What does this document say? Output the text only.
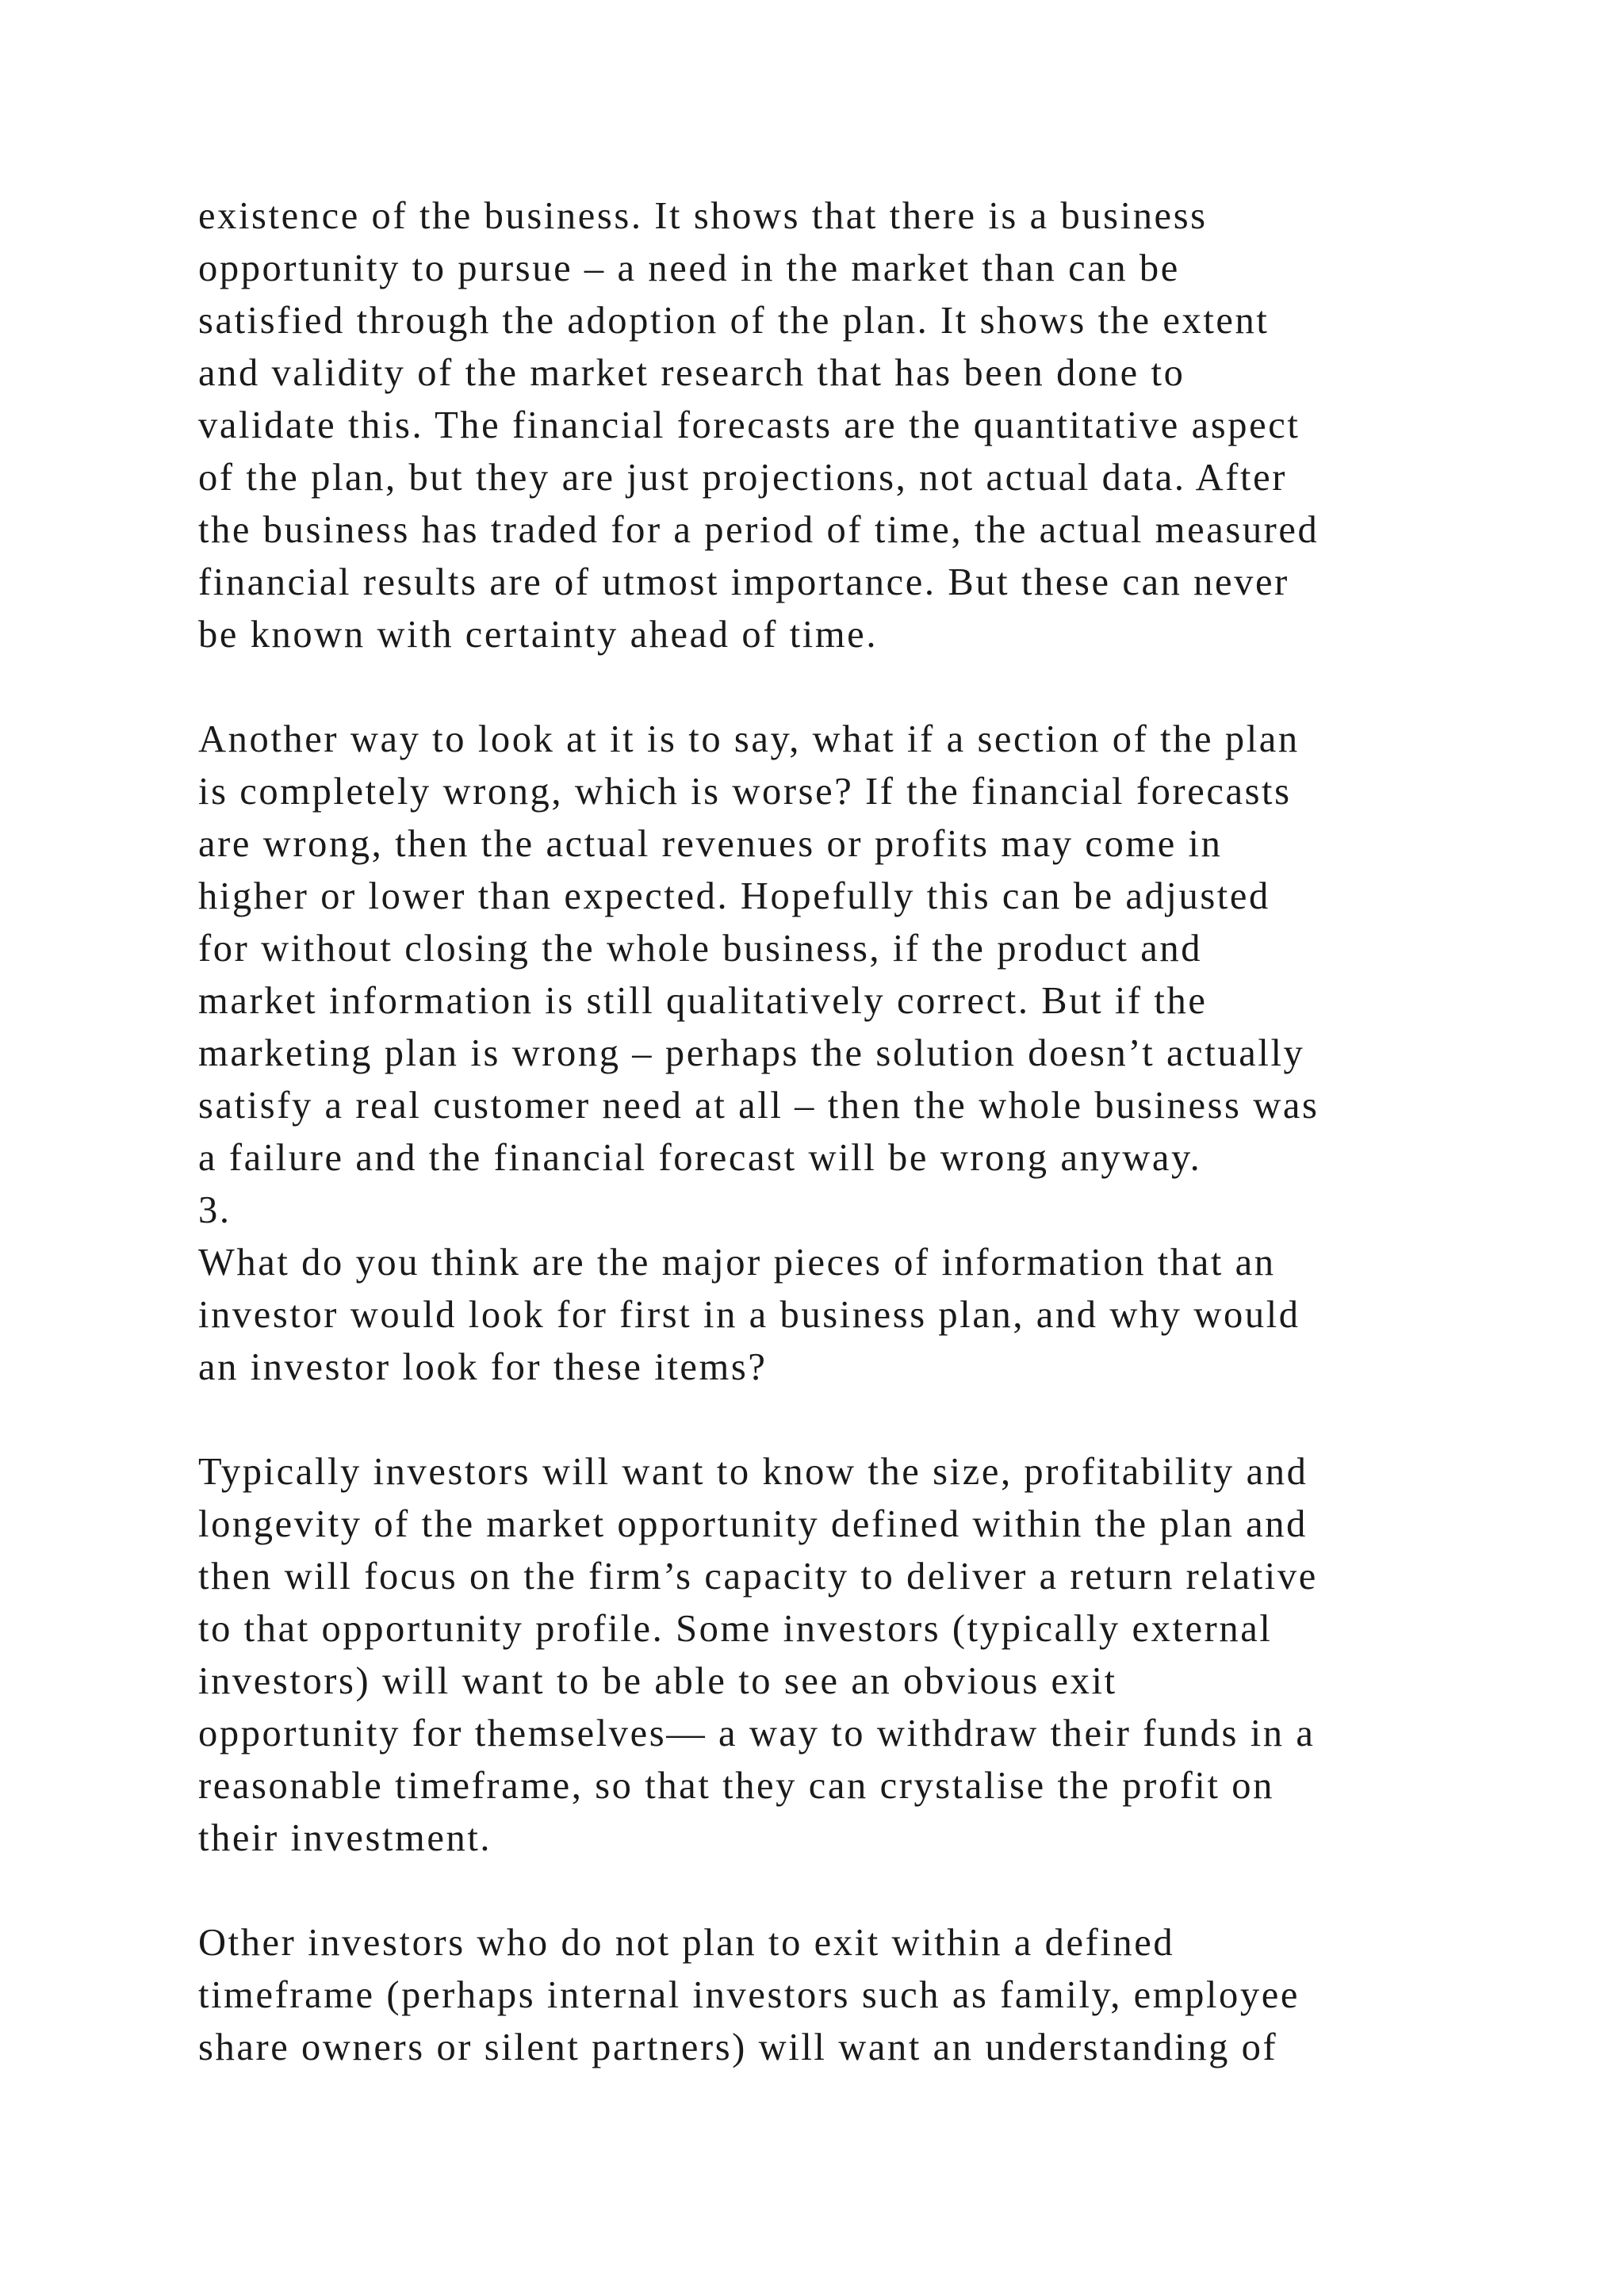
existence of the business. It shows that there is a business
opportunity to pursue – a need in the market than can be
satisfied through the adoption of the plan. It shows the extent
and validity of the market research that has been done to
validate this. The financial forecasts are the quantitative aspect
of the plan, but they are just projections, not actual data. After
the business has traded for a period of time, the actual measured
financial results are of utmost importance. But these can never
be known with certainty ahead of time.
Another way to look at it is to say, what if a section of the plan
is completely wrong, which is worse? If the financial forecasts
are wrong, then the actual revenues or profits may come in
higher or lower than expected. Hopefully this can be adjusted
for without closing the whole business, if the product and
market information is still qualitatively correct. But if the
marketing plan is wrong – perhaps the solution doesn’t actually
satisfy a real customer need at all – then the whole business was
a failure and the financial forecast will be wrong anyway.
3.
What do you think are the major pieces of information that an
investor would look for first in a business plan, and why would
an investor look for these items?
Typically investors will want to know the size, profitability and
longevity of the market opportunity defined within the plan and
then will focus on the firm’s capacity to deliver a return relative
to that opportunity profile. Some investors (typically external
investors) will want to be able to see an obvious exit
opportunity for themselves— a way to withdraw their funds in a
reasonable timeframe, so that they can crystalise the profit on
their investment.
Other investors who do not plan to exit within a defined
timeframe (perhaps internal investors such as family, employee
share owners or silent partners) will want an understanding of
